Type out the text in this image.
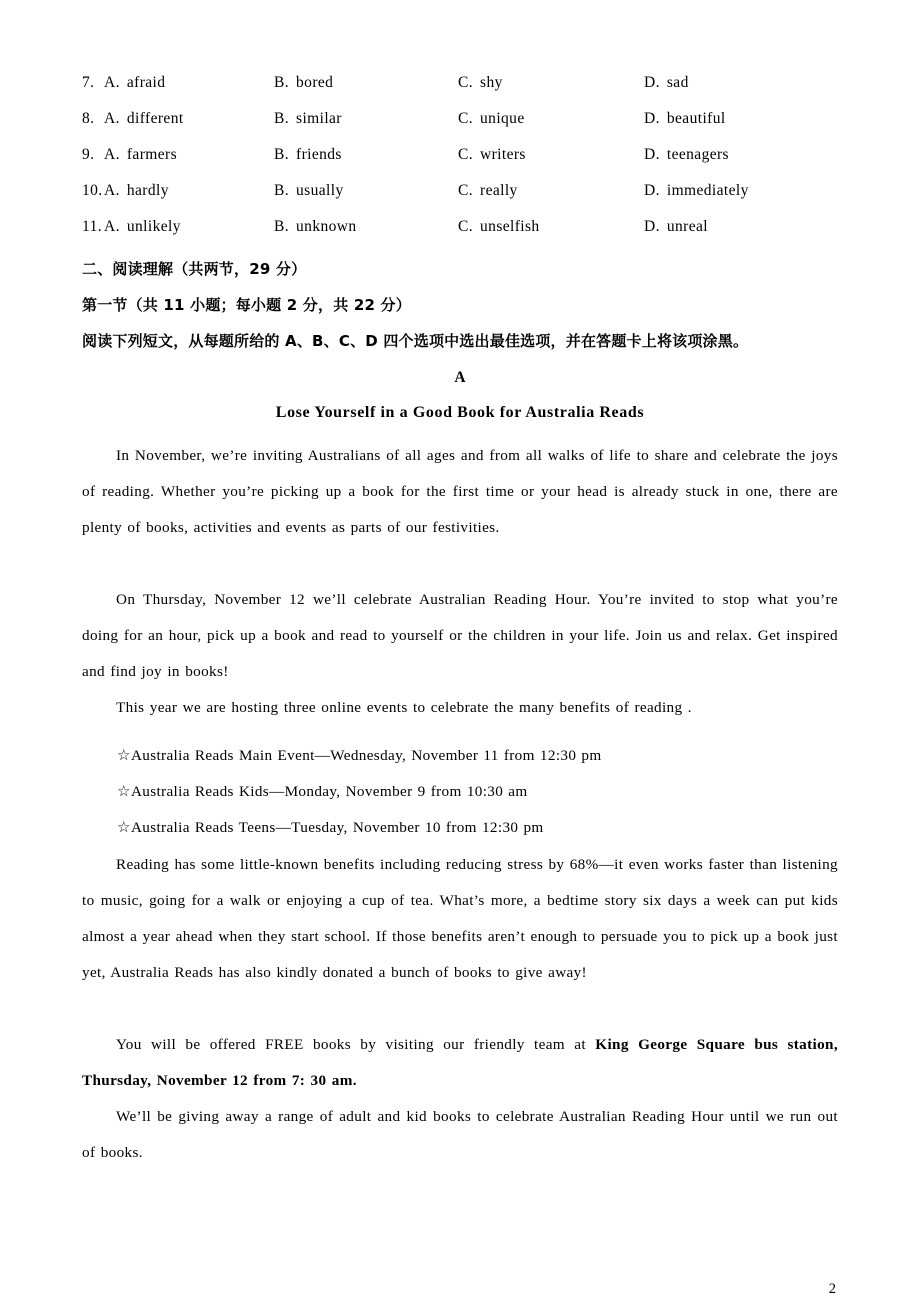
7. A. afraid	B. bored	C. shy	D. sad
8. A. different	B. similar	C. unique	D. beautiful
9. A. farmers	B. friends	C. writers	D. teenagers
10. A. hardly	B. usually	C. really	D. immediately
11. A. unlikely	B. unknown	C. unselfish	D. unreal
二、阅读理解（共两节，29 分）
第一节（共 11 小题；每小题 2 分，共 22 分）
阅读下列短文，从每题所给的 A、B、C、D 四个选项中选出最佳选项，并在答题卡上将该项涂黑。
A
Lose Yourself in a Good Book for Australia Reads
In November, we’re inviting Australians of all ages and from all walks of life to share and celebrate the joys of reading. Whether you’re picking up a book for the first time or your head is already stuck in one, there are plenty of books, activities and events as parts of our festivities.
On Thursday, November 12 we’ll celebrate Australian Reading Hour. You’re invited to stop what you’re doing for an hour, pick up a book and read to yourself or the children in your life. Join us and relax. Get inspired and find joy in books!
This year we are hosting three online events to celebrate the many benefits of reading .
☆Australia Reads Main Event—Wednesday, November 11 from 12:30 pm
☆Australia Reads Kids—Monday, November 9 from 10:30 am
☆Australia Reads Teens—Tuesday, November 10 from 12:30 pm
Reading has some little-known benefits including reducing stress by 68%—it even works faster than listening to music, going for a walk or enjoying a cup of tea. What’s more, a bedtime story six days a week can put kids almost a year ahead when they start school. If those benefits aren’t enough to persuade you to pick up a book just yet, Australia Reads has also kindly donated a bunch of books to give away!
You will be offered FREE books by visiting our friendly team at King George Square bus station, Thursday, November 12 from 7: 30 am.
We’ll be giving away a range of adult and kid books to celebrate Australian Reading Hour until we run out of books.
2
